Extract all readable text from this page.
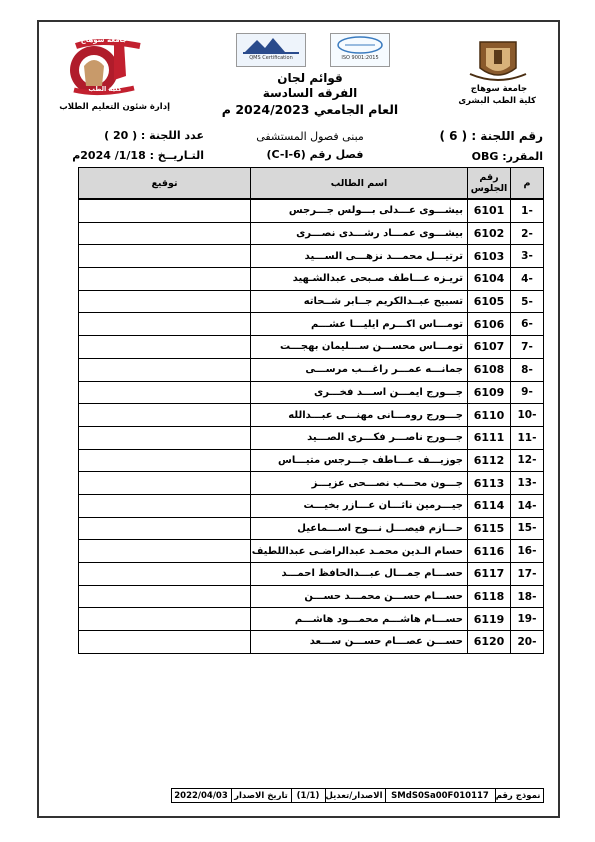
جامعة سوهاج
كلية الطب	جامعة سوهاج
كلية الطب البشرى
QMS Certification	ISO 9001:2015
قوائم لجان
الفرقه السادسة
العام الجامعي 2024/2023 م
إدارة شئون التعليم الطلاب
رقم اللجنة : ( 6 )
مبنى فصول المستشفى
عدد اللجنة : ( 20 )
المقرر: OBG
فصل رقم (C-I-6)
التـاريــخ : 1/18/ 2024م
م	رقم الجلوس	اسم الطالب	توقيع
-1	6101	بيشـــوى عـــدلى بـــولس جـــرجس	
-2	6102	بيشـــوى عمـــاد رشـــدى نصـــرى	
-3	6103	ترتيـــل محمـــد نزهـــى الســـيد	
-4	6104	تريـزه عـــاطف صـبحى عبدالشـهيد	
-5	6105	تسبيح عبــدالكريم جــابر شــحاته	
-6	6106	تومـــاس اكـــرم ايليـــا عشـــم	
-7	6107	تومـــاس محســـن ســـليمان بهجـــت	
-8	6108	جمانـــه عمـــر راغـــب مرســـى	
-9	6109	جـــورج ايمـــن اســـد فخـــرى	
-10	6110	جـــورج رومـــانى مهنـــى عبـــدالله	
-11	6111	جـــورج ناصـــر فكـــرى الصـــيد	
-12	6112	جوزيـــف عـــاطف جـــرجس متيـــاس	
-13	6113	جـــون محـــب نصـــحى عزيـــز	
-14	6114	جيـــرمين ناثـــان عـــازر بخيـــت	
-15	6115	حـــازم فيصـــل نـــوح اســـماعيل	
-16	6116	حسام الـدين محمـد عبدالراضـى عبداللطيف	
-17	6117	حســـام جمـــال عبـــدالحافظ احمـــد	
-18	6118	حســـام حســـن محمـــد حســـن	
-19	6119	حســـام هاشـــم محمـــود هاشـــم	
-20	6120	حســـن عصـــام حســـن ســـعد	
نموذج رقم	SMdS0Sa00F010117	الاصدار/تعديل	(1/1)	تاريخ الاصدار	2022/04/03	
